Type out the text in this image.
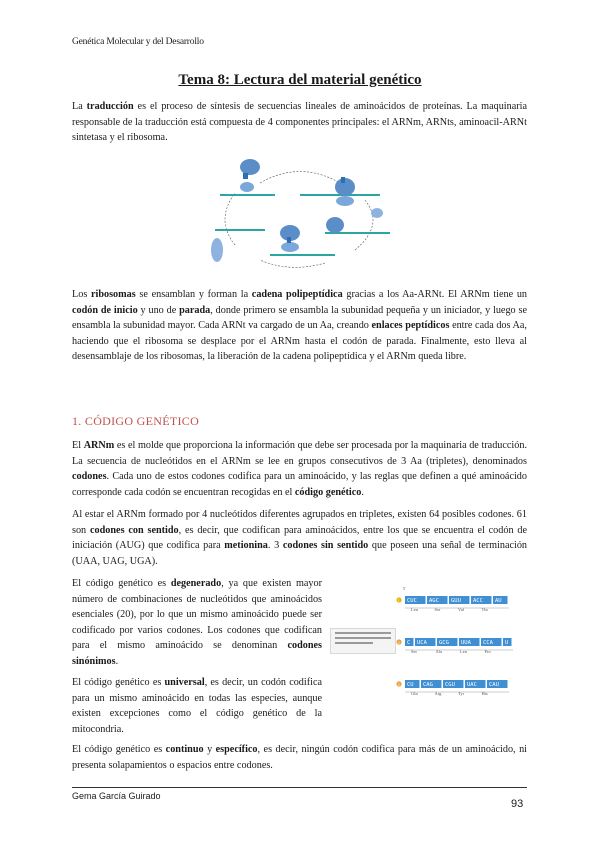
Genética Molecular y del Desarrollo
Tema 8: Lectura del material genético
La traducción es el proceso de síntesis de secuencias lineales de aminoácidos de proteínas. La maquinaria responsable de la traducción está compuesta de 4 componentes principales: el ARNm, ARNts, aminoacil-ARNt sintetasa y el ribosoma.
Los ribosomas se ensamblan y forman la cadena polipeptídica gracias a los Aa-ARNt. El ARNm tiene un codón de inicio y uno de parada, donde primero se ensambla la subunidad pequeña y un iniciador, y luego se ensambla la subunidad mayor. Cada ARNt va cargado de un Aa, creando enlaces peptídicos entre cada dos Aa, haciendo que el ribosoma se desplace por el ARNm hasta el codón de parada. Finalmente, esto lleva al desensamblaje de los ribosomas, la liberación de la cadena polipeptídica y el ARNm queda libre.
1. CÓDIGO GENÉTICO
El ARNm es el molde que proporciona la información que debe ser procesada por la maquinaria de traducción. La secuencia de nucleótidos en el ARNm se lee en grupos consecutivos de 3 Aa (tripletes), denominados codones. Cada uno de estos codones codifica para un aminoácido, y las reglas que definen a qué aminoácido corresponde cada codón se encuentran recogidas en el código genético.
Al estar el ARNm formado por 4 nucleótidos diferentes agrupados en tripletes, existen 64 posibles codones. 61 son codones con sentido, es decir, que codifican para aminoácidos, entre los que se encuentra el codón de iniciación (AUG) que codifica para metionina. 3 codones sin sentido que poseen una señal de terminación (UAA, UAG, UGA).
El código genético es degenerado, ya que existen mayor número de combinaciones de nucleótidos que aminoácidos esenciales (20), por lo que un mismo aminoácido puede ser codificado por varios codones. Los codones que codifican para el mismo aminoácido se denominan codones sinónimos.
1 CUC AGC GUU ACC AU
Leu	Ser	Val	Thr
2 C UCA GCG UUA CCA U
Ser	Ala	Leu	Pro
3 CU CAG CGU UAC CAU
Gln	Arg	Tyr	His
5'
El código genético es universal, es decir, un codón codifica para un mismo aminoácido en todas las especies, aunque existen excepciones como el código genético de la mitocondria.
El código genético es continuo y específico, es decir, ningún codón codifica para más de un aminoácido, ni presenta solapamientos o espacios entre codones.
Gema García Guirado
93
